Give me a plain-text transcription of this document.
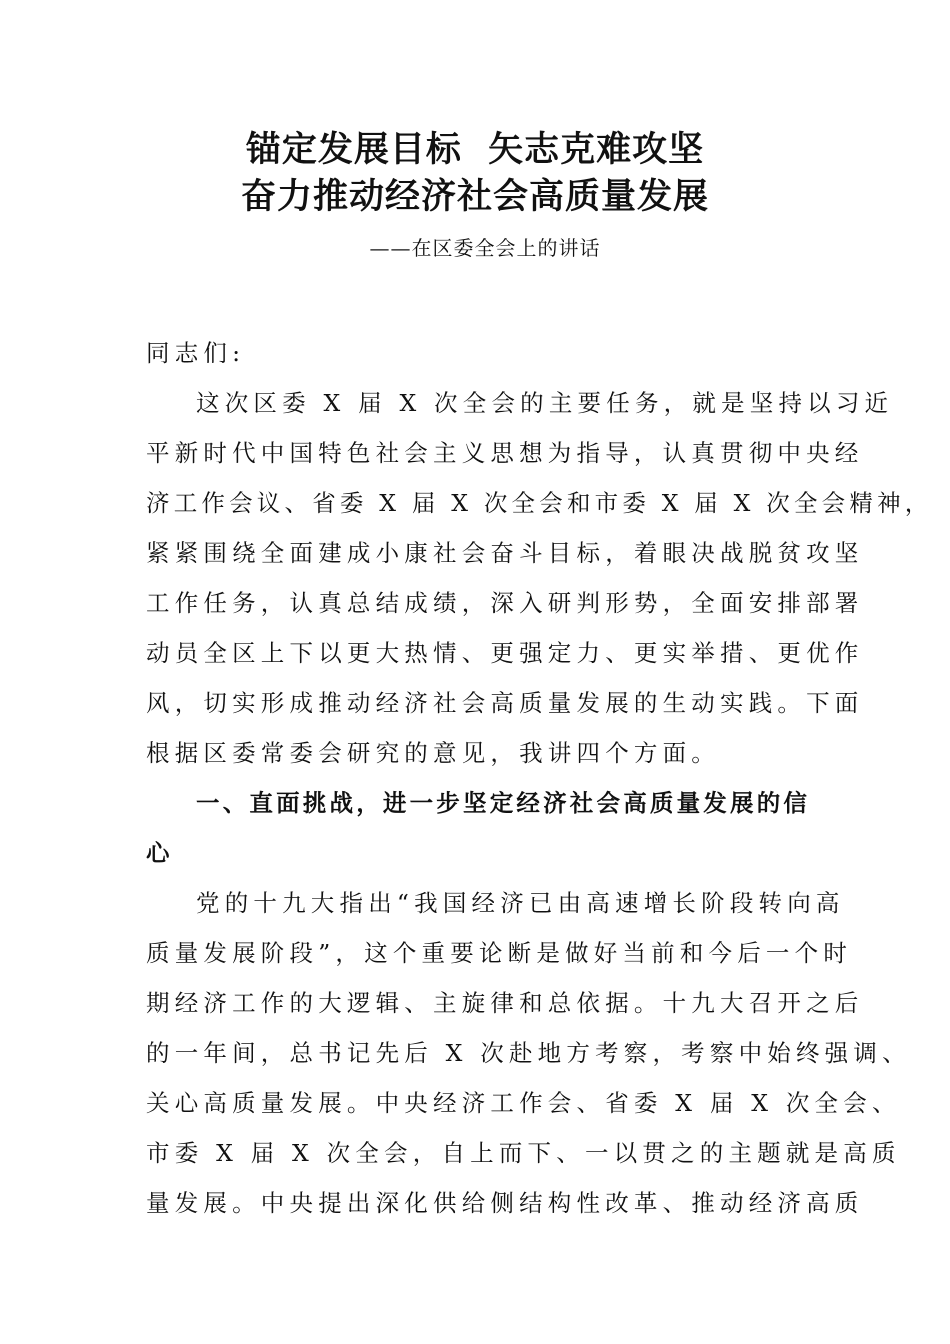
锚定发展目标  矢志克难攻坚
奋力推动经济社会高质量发展
——在区委全会上的讲话
同志们:
这次区委 X 届 X 次全会的主要任务，就是坚持以习近
平新时代中国特色社会主义思想为指导，认真贯彻中央经
济工作会议、省委 X 届 X 次全会和市委 X 届 X 次全会精神，
紧紧围绕全面建成小康社会奋斗目标，着眼决战脱贫攻坚
工作任务，认真总结成绩，深入研判形势，全面安排部署
动员全区上下以更大热情、更强定力、更实举措、更优作
风，切实形成推动经济社会高质量发展的生动实践。下面
根据区委常委会研究的意见，我讲四个方面。
一、直面挑战，进一步坚定经济社会高质量发展的信
心
党的十九大指出“我国经济已由高速增长阶段转向高
质量发展阶段”，这个重要论断是做好当前和今后一个时
期经济工作的大逻辑、主旋律和总依据。十九大召开之后
的一年间，总书记先后 X 次赴地方考察，考察中始终强调、
关心高质量发展。中央经济工作会、省委 X 届 X 次全会、
市委 X 届 X 次全会，自上而下、一以贯之的主题就是高质
量发展。中央提出深化供给侧结构性改革、推动经济高质
